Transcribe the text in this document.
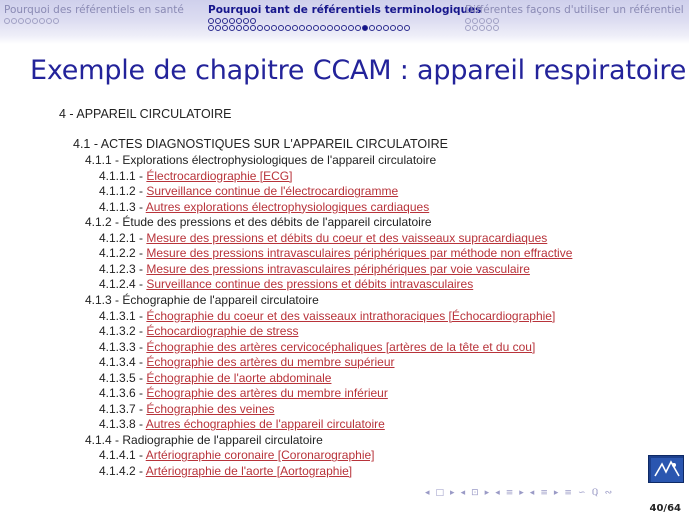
Pourquoi des référentiels en santé Pourquoi tant de référentiels terminologiques
Différentes façons d'utiliser un référentiel
Exemple de chapitre CCAM : appareil respiratoire
4 - APPAREIL CIRCULATOIRE
4.1 - ACTES DIAGNOSTIQUES SUR L'APPAREIL CIRCULATOIRE
4.1.1 - Explorations électrophysiologiques de l'appareil circulatoire
4.1.1.1 - Électrocardiographie [ECG]
4.1.1.2 - Surveillance continue de l'électrocardiogramme
4.1.1.3 - Autres explorations électrophysiologiques cardiaques
4.1.2 - Étude des pressions et des débits de l'appareil circulatoire
4.1.2.1 - Mesure des pressions et débits du coeur et des vaisseaux supracardiaques
4.1.2.2 - Mesure des pressions intravasculaires périphériques par méthode non effractive
4.1.2.3 - Mesure des pressions intravasculaires périphériques par voie vasculaire
4.1.2.4 - Surveillance continue des pressions et débits intravasculaires
4.1.3 - Échographie de l'appareil circulatoire
4.1.3.1 - Échographie du coeur et des vaisseaux intrathoraciques [Échocardiographie]
4.1.3.2 - Échocardiographie de stress
4.1.3.3 - Échographie des artères cervicocéphaliques [artères de la tête et du cou]
4.1.3.4 - Échographie des artères du membre supérieur
4.1.3.5 - Échographie de l'aorte abdominale
4.1.3.6 - Échographie des artères du membre inférieur
4.1.3.7 - Échographie des veines
4.1.3.8 - Autres échographies de l'appareil circulatoire
4.1.4 - Radiographie de l'appareil circulatoire
4.1.4.1 - Artériographie coronaire [Coronarographie]
4.1.4.2 - Artériographie de l'aorte [Aortographie]
◂ □ ▸ ◂ ⊡ ▸ ◂ ≡ ▸ ◂ ≡ ▸ ≡ ∽ ℚ ∾
40/64
